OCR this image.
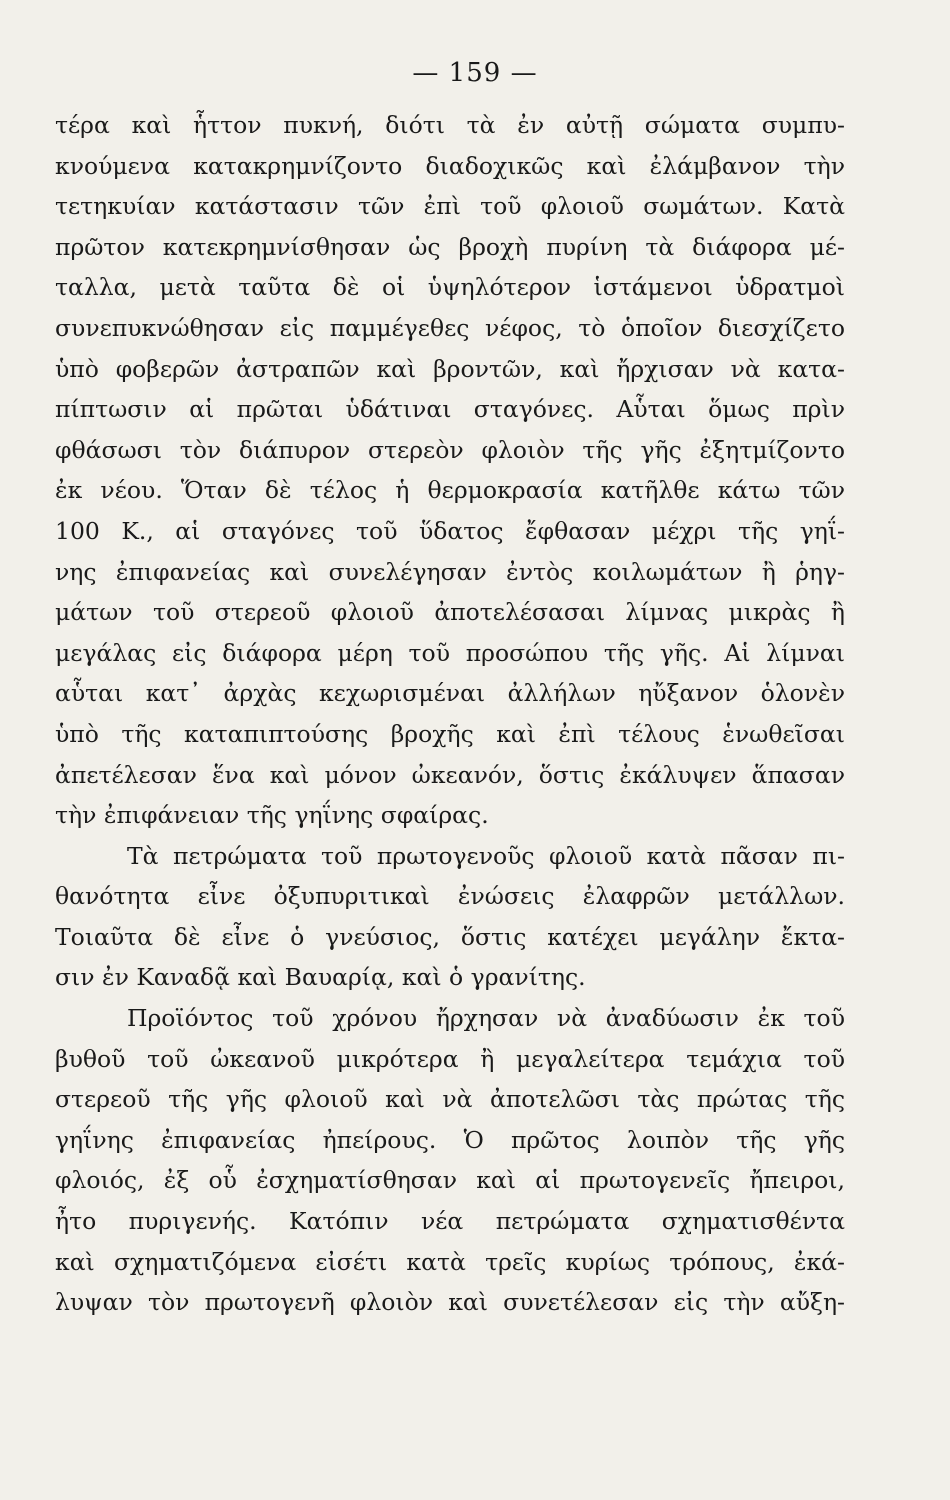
— 159 —
τέρα καὶ ἧττον πυκνή, διότι τὰ ἐν αὐτῇ σώματα συμπυ-
κνούμενα κατακρημνίζοντο διαδοχικῶς καὶ ἐλάμβανον τὴν
τετηκυίαν κατάστασιν τῶν ἐπὶ τοῦ φλοιοῦ σωμάτων. Κατὰ
πρῶτον κατεκρημνίσθησαν ὡς βροχὴ πυρίνη τὰ διάφορα μέ-
ταλλα, μετὰ ταῦτα δὲ οἱ ὑψηλότερον ἱστάμενοι ὑδρατμοὶ
συνεπυκνώθησαν εἰς παμμέγεθες νέφος, τὸ ὁποῖον διεσχίζετο
ὑπὸ φοβερῶν ἀστραπῶν καὶ βροντῶν, καὶ ἤρχισαν νὰ κατα-
πίπτωσιν αἱ πρῶται ὑδάτιναι σταγόνες. Αὗται ὅμως πρὶν
φθάσωσι τὸν διάπυρον στερεὸν φλοιὸν τῆς γῆς ἐξητμίζοντο
ἐκ νέου. Ὅταν δὲ τέλος ἡ θερμοκρασία κατῆλθε κάτω τῶν
100 Κ., αἱ σταγόνες τοῦ ὕδατος ἔφθασαν μέχρι τῆς γηΐ-
νης ἐπιφανείας καὶ συνελέγησαν ἐντὸς κοιλωμάτων ἢ ῥηγ-
μάτων τοῦ στερεοῦ φλοιοῦ ἀποτελέσασαι λίμνας μικρὰς ἢ
μεγάλας εἰς διάφορα μέρη τοῦ προσώπου τῆς γῆς. Αἱ λίμναι
αὗται κατ᾽ ἀρχὰς κεχωρισμέναι ἀλλήλων ηὔξανον ὁλονὲν
ὑπὸ τῆς καταπιπτούσης βροχῆς καὶ ἐπὶ τέλους ἑνωθεῖσαι
ἀπετέλεσαν ἕνα καὶ μόνον ὠκεανόν, ὅστις ἐκάλυψεν ἅπασαν
τὴν ἐπιφάνειαν τῆς γηΐνης σφαίρας.
Τὰ πετρώματα τοῦ πρωτογενοῦς φλοιοῦ κατὰ πᾶσαν πι-
θανότητα εἶνε ὀξυπυριτικαὶ ἐνώσεις ἐλαφρῶν μετάλλων.
Τοιαῦτα δὲ εἶνε ὁ γνεύσιος, ὅστις κατέχει μεγάλην ἔκτα-
σιν ἐν Καναδᾷ καὶ Βαυαρίᾳ, καὶ ὁ γρανίτης.
Προϊόντος τοῦ χρόνου ἤρχησαν νὰ ἀναδύωσιν ἐκ τοῦ
βυθοῦ τοῦ ὠκεανοῦ μικρότερα ἢ μεγαλείτερα τεμάχια τοῦ
στερεοῦ τῆς γῆς φλοιοῦ καὶ νὰ ἀποτελῶσι τὰς πρώτας τῆς
γηΐνης ἐπιφανείας ἠπείρους. Ὁ πρῶτος λοιπὸν τῆς γῆς
φλοιός, ἐξ οὗ ἐσχηματίσθησαν καὶ αἱ πρωτογενεῖς ἤπειροι,
ἦτο πυριγενής. Κατόπιν νέα πετρώματα σχηματισθέντα
καὶ σχηματιζόμενα εἰσέτι κατὰ τρεῖς κυρίως τρόπους, ἐκά-
λυψαν τὸν πρωτογενῆ φλοιὸν καὶ συνετέλεσαν εἰς τὴν αὔξη-
